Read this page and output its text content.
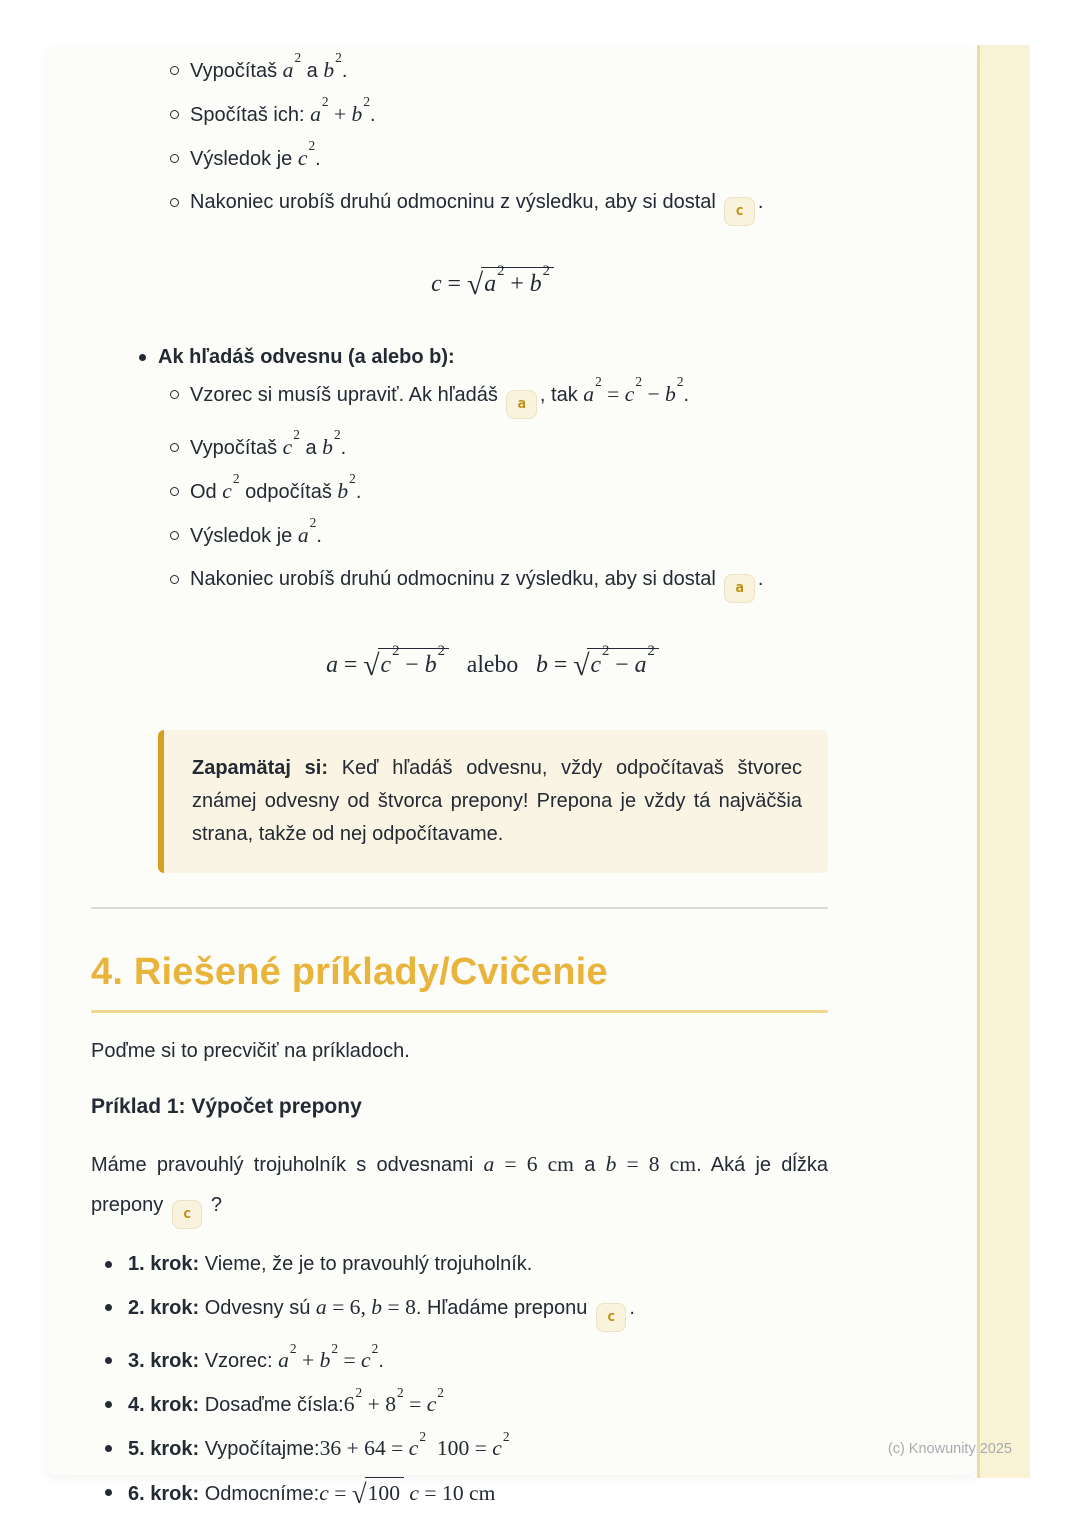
Vypočítaš $a^2$ a $b^2$.
Spočítaš ich: $a^2 + b^2$.
Výsledok je $c^2$.
Nakoniec urobíš druhú odmocninu z výsledku, aby si dostal c .
$c = √a^2 + b^2$
Ak hľadáš odvesnu (a alebo b):
Vzorec si musíš upraviť. Ak hľadáš a , tak $a^2 = c^2 - b^2$.
Vypočítaš $c^2$ a $b^2$.
Od $c^2$ odpočítaš $b^2$.
Výsledok je $a^2$.
Nakoniec urobíš druhú odmocninu z výsledku, aby si dostal a .
$a = √c^2 - b^2$   alebo $b = √c^2 - a^2$

Zapamätaj si: Keď hľadáš odvesnu, vždy odpočítavaš štvorec známej odvesny od štvorca prepony! Prepona je vždy tá najväčšia strana, takže od nej odpočítavame.

4. Riešené príklady/Cvičenie

Poďme si to precvičiť na príkladoch.

Príklad 1: Výpočet prepony

Máme pravouhlý trojuholník s odvesnami a = 6 cm a b = 8 cm. Aká je dĺžka prepony c ?

1. krok: Vieme, že je to pravouhlý trojuholník.
2. krok: Odvesny sú a = 6, b = 8. Hľadáme preponu c .
3. krok: Vzorec: $a^2 + b^2 = c^2$.
4. krok: Dosaďme $čísla:6^2 + 8^2 = c^2$
5. krok: Vypočítajme:36 + $64 = c^2$  $100 = c^2$
6. krok: Odmocníme:c = √100 c = 10 cm
(c) Knowunity 2025
